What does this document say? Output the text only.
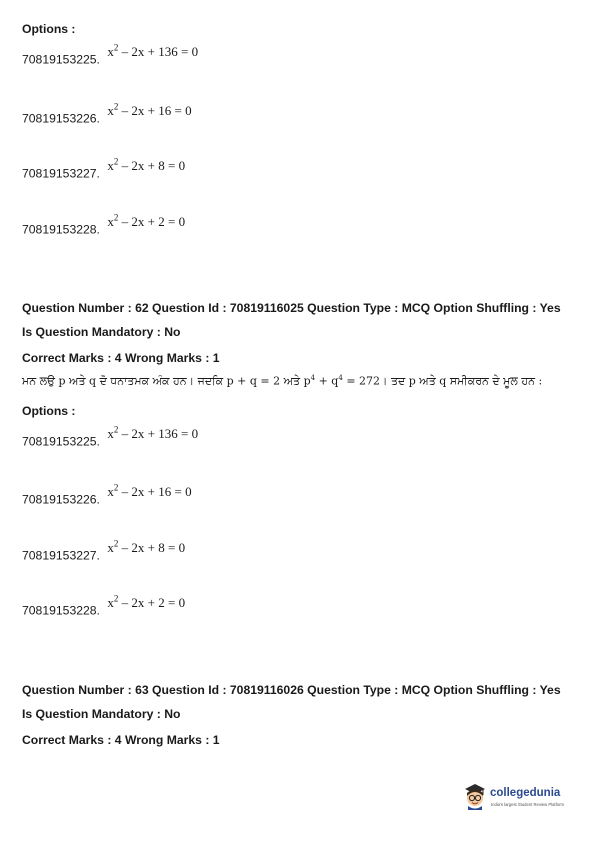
Options :
70819153225. $^{x^2 - 2x + 136 = 0}$
70819153226. $^{x^2 - 2x + 16 = 0}$
70819153227. $^{x^2 - 2x + 8 = 0}$
70819153228. $^{x^2 - 2x + 2 = 0}$
Question Number : 62 Question Id : 70819116025 Question Type : MCQ Option Shuffling : Yes
Is Question Mandatory : No
Correct Marks : 4 Wrong Marks : 1
ਮਨ ਲਉ p ਅਤੇ q ਦੋ ਧਨਾਤਮਕ ਅੰਕ ਹਨ। ਜਦਕਿ p + q = 2 ਅਤੇ $p^4 + q^4$ = 272। ਤਦ p ਅਤੇ q ਸਮੀਕਰਨ ਦੇ ਮੂਲ ਹਨ :
Options :
70819153225. $^{x^2 - 2x + 136 = 0}$
70819153226. $^{x^2 - 2x + 16 = 0}$
70819153227. $^{x^2 - 2x + 8 = 0}$
70819153228. $^{x^2 - 2x + 2 = 0}$
Question Number : 63 Question Id : 70819116026 Question Type : MCQ Option Shuffling : Yes
Is Question Mandatory : No
Correct Marks : 4 Wrong Marks : 1
collegedunia
India's largest Student Review Platform
